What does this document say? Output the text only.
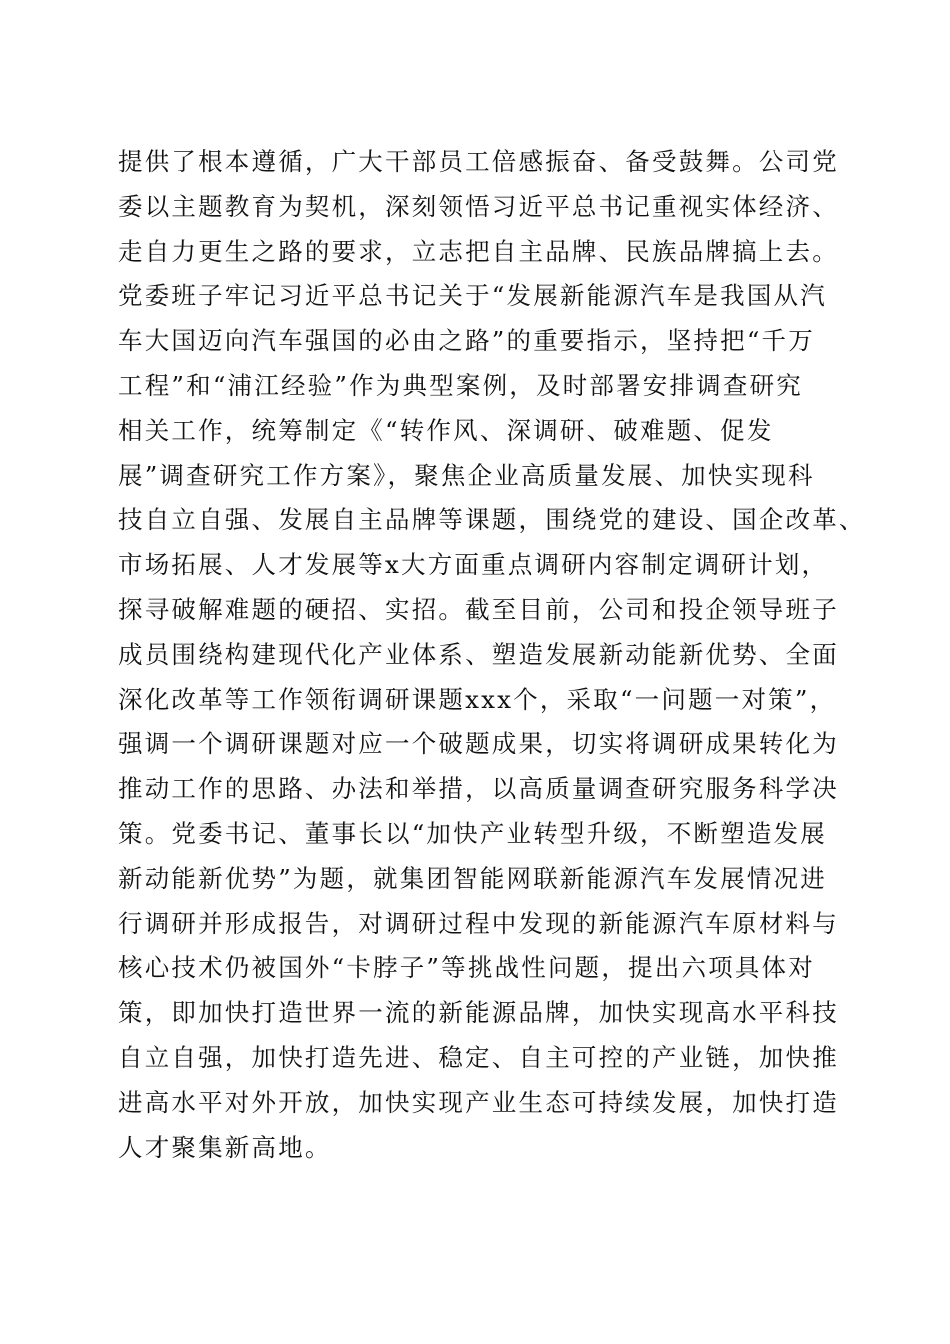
提供了根本遵循，广大干部员工倍感振奋、备受鼓舞。公司党
委以主题教育为契机，深刻领悟习近平总书记重视实体经济、
走自力更生之路的要求，立志把自主品牌、民族品牌搞上去。
党委班子牢记习近平总书记关于“发展新能源汽车是我国从汽
车大国迈向汽车强国的必由之路”的重要指示，坚持把“千万
工程”和“浦江经验”作为典型案例，及时部署安排调查研究
相关工作，统筹制定《“转作风、深调研、破难题、促发
展”调查研究工作方案》，聚焦企业高质量发展、加快实现科
技自立自强、发展自主品牌等课题，围绕党的建设、国企改革、
市场拓展、人才发展等x大方面重点调研内容制定调研计划，
探寻破解难题的硬招、实招。截至目前，公司和投企领导班子
成员围绕构建现代化产业体系、塑造发展新动能新优势、全面
深化改革等工作领衔调研课题xxx个，采取“一问题一对策”，
强调一个调研课题对应一个破题成果，切实将调研成果转化为
推动工作的思路、办法和举措，以高质量调查研究服务科学决
策。党委书记、董事长以“加快产业转型升级，不断塑造发展
新动能新优势”为题，就集团智能网联新能源汽车发展情况进
行调研并形成报告，对调研过程中发现的新能源汽车原材料与
核心技术仍被国外“卡脖子”等挑战性问题，提出六项具体对
策，即加快打造世界一流的新能源品牌，加快实现高水平科技
自立自强，加快打造先进、稳定、自主可控的产业链，加快推
进高水平对外开放，加快实现产业生态可持续发展，加快打造
人才聚集新高地。
